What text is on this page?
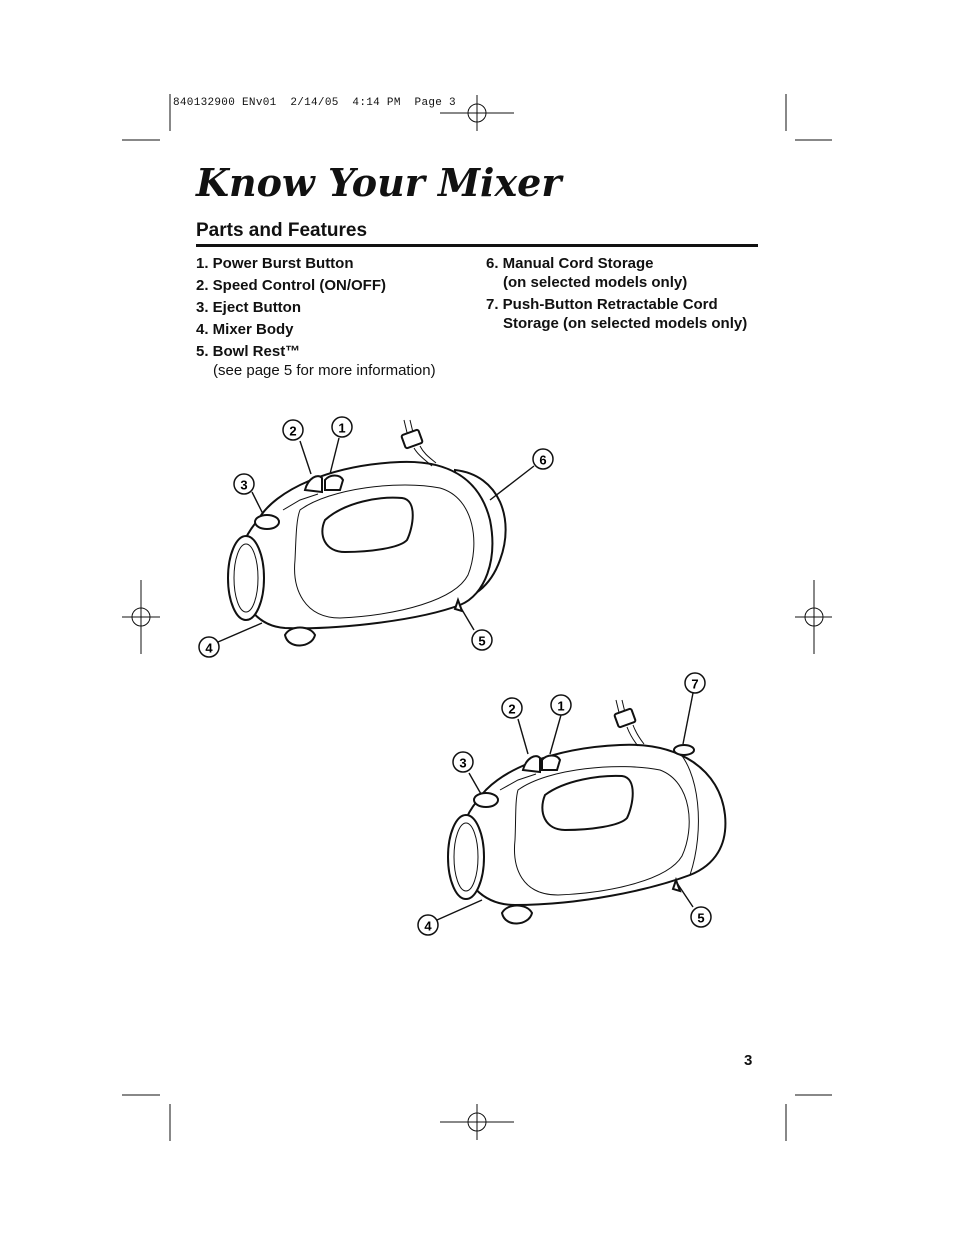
840132900 ENv01  2/14/05  4:14 PM  Page 3
Know Your Mixer
Parts and Features
1. Power Burst Button
2. Speed Control (ON/OFF)
3. Eject Button
4. Mixer Body
5. Bowl Rest™
(see page 5 for more information)
6. Manual Cord Storage
(on selected models only)
7. Push-Button Retractable Cord
Storage (on selected models only)
2	1
3
6
4	5
2	1
3
7
4
5
3
